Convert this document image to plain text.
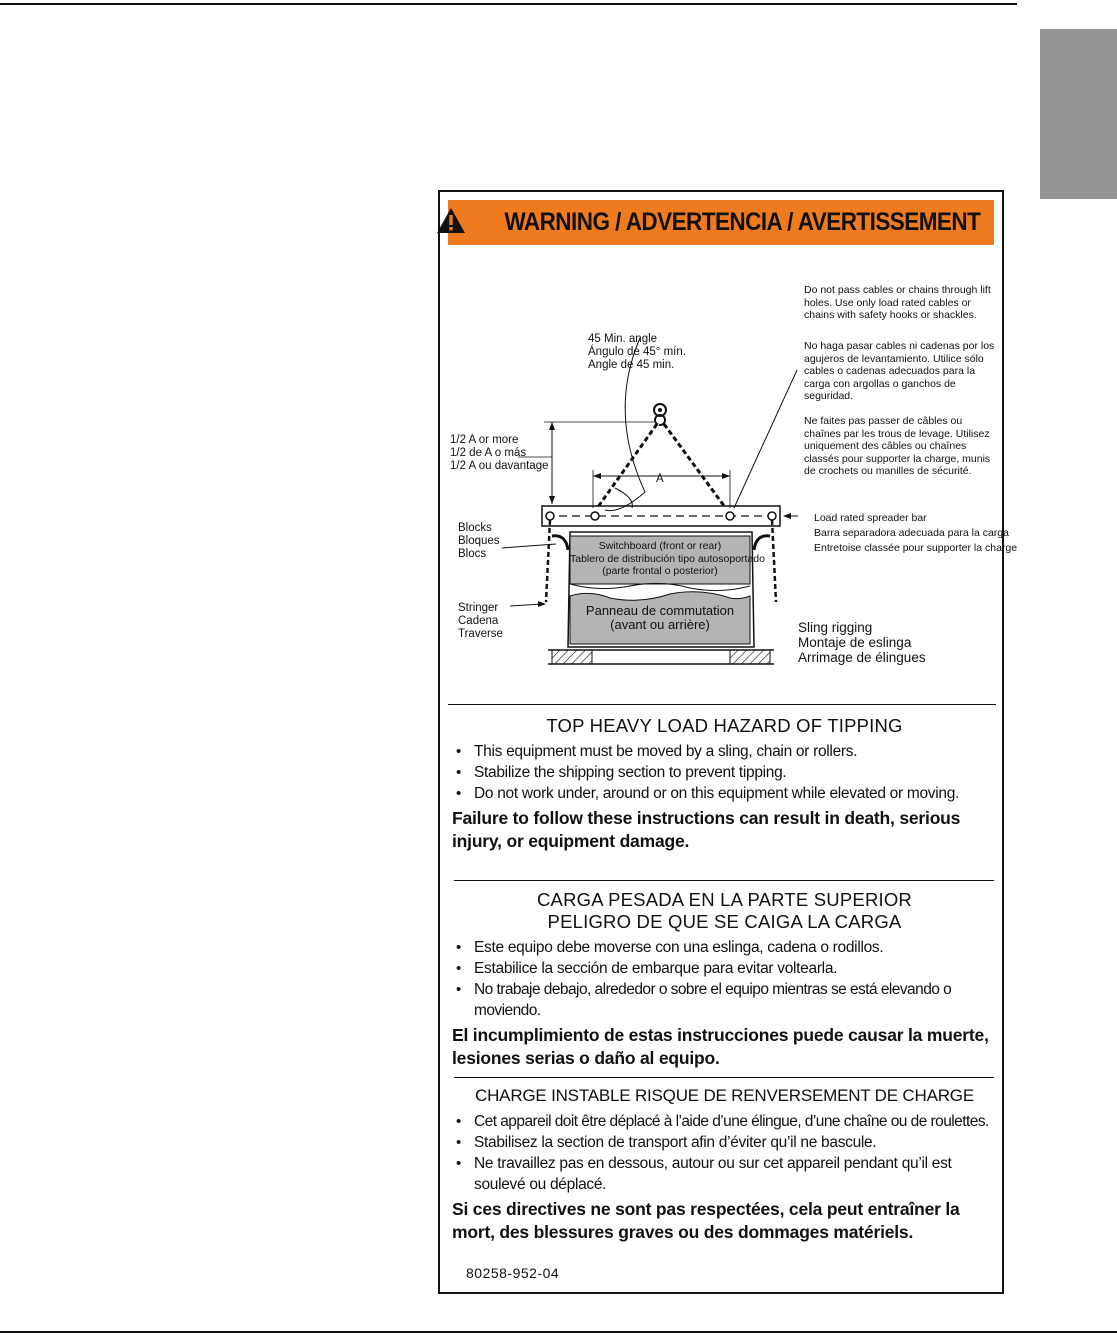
WARNING / ADVERTENCIA / AVERTISSEMENT
45 Min. angle
Ángulo de 45° mín.
Angle de 45 min.
1/2 A or more
1/2 de A o más
1/2 A ou davantage
A
Blocks
Bloques
Blocs
Stringer
Cadena
Traverse
Switchboard (front or rear)
Tablero de distribución tipo autosoportado
(parte frontal o posterior)
Panneau de commutation
(avant ou arrière)
Load rated spreader bar
Barra separadora adecuada para la carga
Entretoise classée pour supporter la charge
Sling rigging
Montaje de eslinga
Arrimage de élingues
Do not pass cables or chains through lift holes. Use only load rated cables or chains with safety hooks or shackles.
No haga pasar cables ni cadenas por los agujeros de levantamiento. Utilice sólo cables o cadenas adecuados para la carga con argollas o ganchos de seguridad.
Ne faites pas passer de câbles ou chaînes par les trous de levage. Utilisez uniquement des câbles ou chaînes classés pour supporter la charge, munis de crochets ou manilles de sécurité.
TOP HEAVY LOAD HAZARD OF TIPPING
• This equipment must be moved by a sling, chain or rollers.
• Stabilize the shipping section to prevent tipping.
• Do not work under, around or on this equipment while elevated or moving.
Failure to follow these instructions can result in death, serious injury, or equipment damage.
CARGA PESADA EN LA PARTE SUPERIOR
PELIGRO DE QUE SE CAIGA LA CARGA
• Este equipo debe moverse con una eslinga, cadena o rodillos.
• Estabilice la sección de embarque para evitar voltearla.
• No trabaje debajo, alrededor o sobre el equipo mientras se está elevando o moviendo.
El incumplimiento de estas instrucciones puede causar la muerte, lesiones serias o daño al equipo.
CHARGE INSTABLE RISQUE DE RENVERSEMENT DE CHARGE
• Cet appareil doit être déplacé à l’aide d’une élingue, d’une chaîne ou de roulettes.
• Stabilisez la section de transport afin d’éviter qu’il ne bascule.
• Ne travaillez pas en dessous, autour ou sur cet appareil pendant qu’il est soulevé ou déplacé.
Si ces directives ne sont pas respectées, cela peut entraîner la mort, des blessures graves ou des dommages matériels.
80258-952-04
